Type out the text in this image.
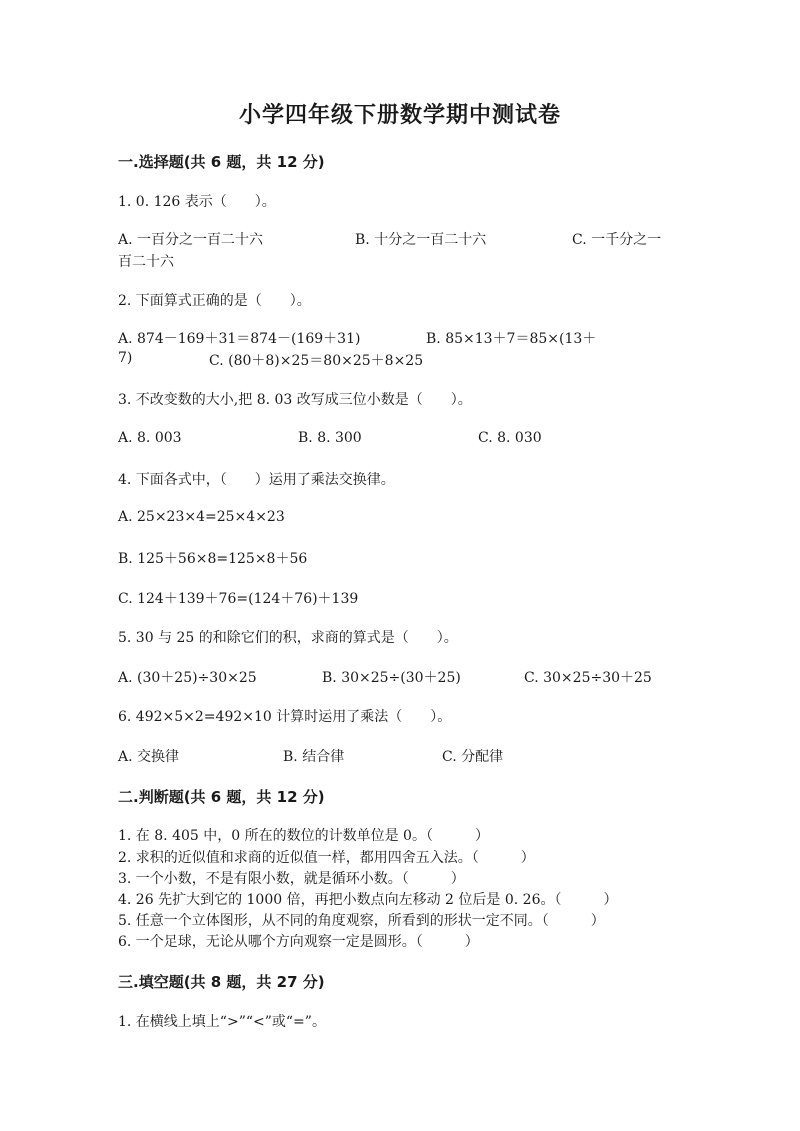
小学四年级下册数学期中测试卷
一.选择题(共 6 题，共 12 分)
1. 0. 126 表示（　　）。
A. 一百分之一百二十六	B. 十分之一百二十六	C. 一千分之一
百二十六
2. 下面算式正确的是（　　）。
A. 874－169＋31＝874－(169＋31)	B. 85×13＋7＝85×(13＋
7)	C. (80＋8)×25＝80×25＋8×25
3. 不改变数的大小,把 8. 03 改写成三位小数是（　　）。
A. 8. 003	B. 8. 300	C. 8. 030
4. 下面各式中，（　　）运用了乘法交换律。
A. 25×23×4=25×4×23
B. 125＋56×8=125×8＋56
C. 124＋139＋76=(124＋76)＋139
5. 30 与 25 的和除它们的积，求商的算式是（　　）。
A. (30＋25)÷30×25	B. 30×25÷(30＋25)	C. 30×25÷30＋25
6. 492×5×2=492×10 计算时运用了乘法（　　）。
A. 交换律	B. 结合律	C. 分配律
二.判断题(共 6 题，共 12 分)
1. 在 8. 405 中，0 所在的数位的计数单位是 0。（　　　）
2. 求积的近似值和求商的近似值一样，都用四舍五入法。（　　　）
3. 一个小数，不是有限小数，就是循环小数。（　　　）
4. 26 先扩大到它的 1000 倍，再把小数点向左移动 2 位后是 0. 26。（　　　）
5. 任意一个立体图形，从不同的角度观察，所看到的形状一定不同。（　　　）
6. 一个足球，无论从哪个方向观察一定是圆形。（　　　）
三.填空题(共 8 题，共 27 分)
1. 在横线上填上“>”“<”或“=”。
